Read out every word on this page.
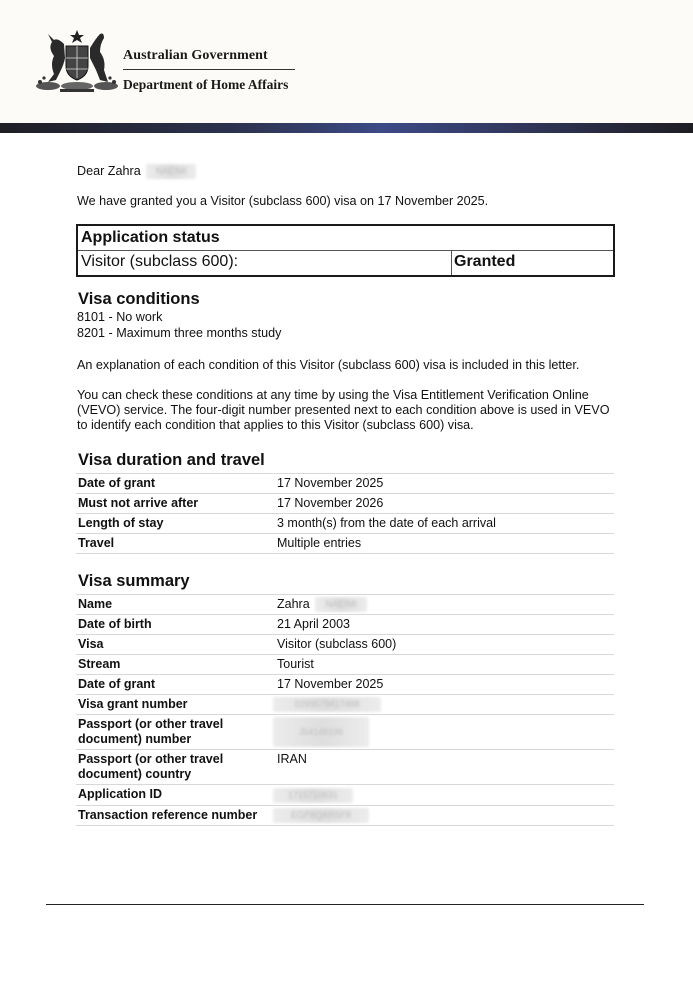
Australian Government
Department of Home Affairs
Dear Zahra NAEIMI
We have granted you a Visitor (subclass 600) visa on 17 November 2025.
Application status
Visitor (subclass 600):	Granted
Visa conditions
8101 - No work
8201 - Maximum three months study
An explanation of each condition of this Visitor (subclass 600) visa is included in this letter.
You can check these conditions at any time by using the Visa Entitlement Verification Online (VEVO) service. The four-digit number presented next to each condition above is used in VEVO to identify each condition that applies to this Visitor (subclass 600) visa.
Visa duration and travel
Date of grant	17 November 2025
Must not arrive after	17 November 2026
Length of stay	3 month(s) from the date of each arrival
Travel	Multiple entries
Visa summary
Name	Zahra NAEIMI
Date of birth	21 April 2003
Visa	Visitor (subclass 600)
Stream	Tourist
Date of grant	17 November 2025
Visa grant number	0299579417488
Passport (or other travel document) number	J54148196
Passport (or other travel document) country	IRAN
Application ID	1715710631
Transaction reference number	EGP8QARSF8
